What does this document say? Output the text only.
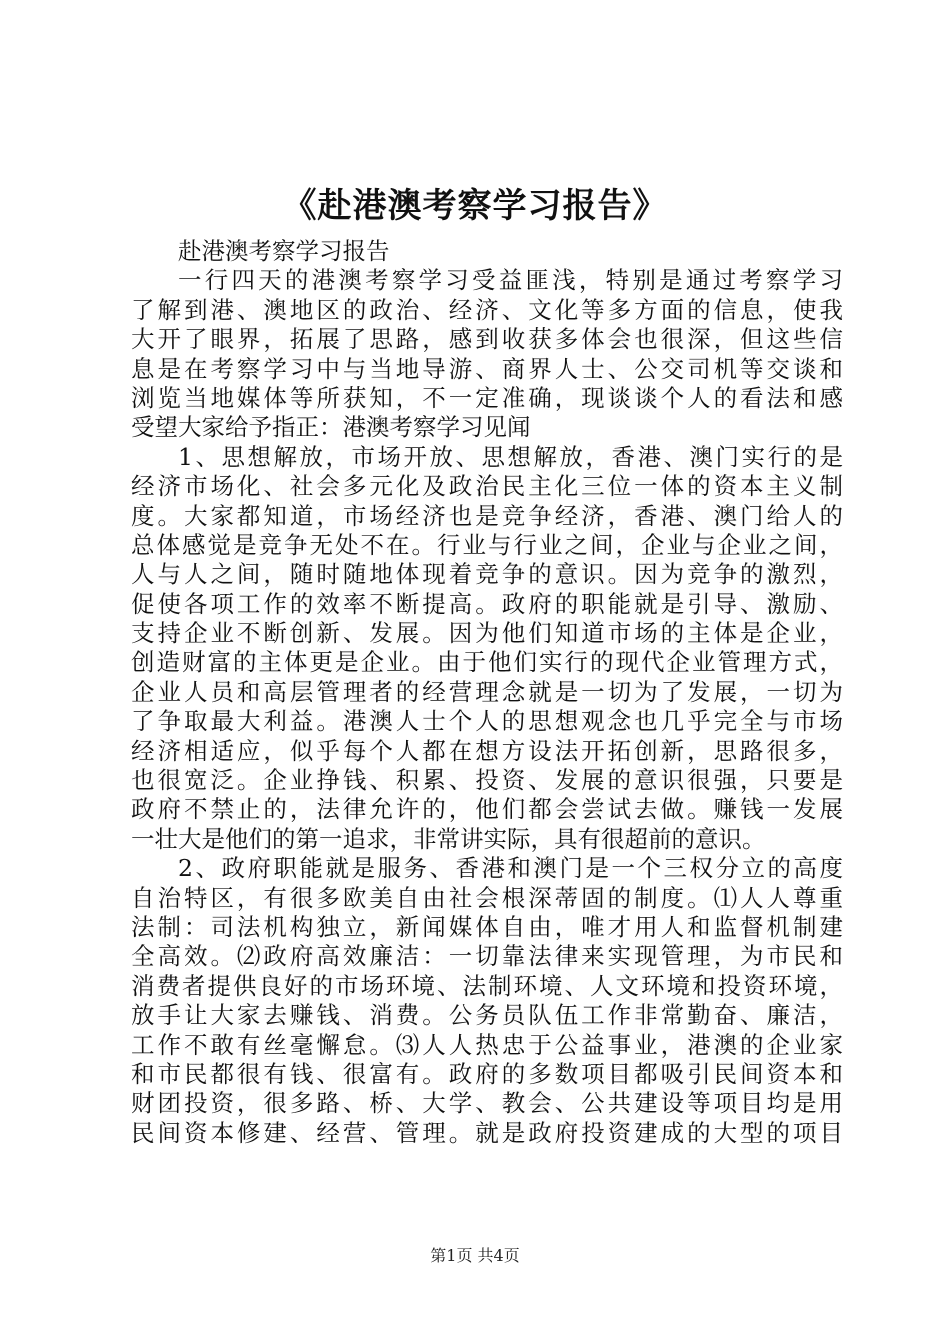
《赴港澳考察学习报告》
赴港澳考察学习报告
一行四天的港澳考察学习受益匪浅，特别是通过考察学习
了解到港、澳地区的政治、经济、文化等多方面的信息，使我
大开了眼界，拓展了思路，感到收获多体会也很深，但这些信
息是在考察学习中与当地导游、商界人士、公交司机等交谈和
浏览当地媒体等所获知，不一定准确，现谈谈个人的看法和感
受望大家给予指正：港澳考察学习见闻
1、思想解放，市场开放、思想解放，香港、澳门实行的是
经济市场化、社会多元化及政治民主化三位一体的资本主义制
度。大家都知道，市场经济也是竞争经济，香港、澳门给人的
总体感觉是竞争无处不在。行业与行业之间，企业与企业之间，
人与人之间，随时随地体现着竞争的意识。因为竞争的激烈，
促使各项工作的效率不断提高。政府的职能就是引导、激励、
支持企业不断创新、发展。因为他们知道市场的主体是企业，
创造财富的主体更是企业。由于他们实行的现代企业管理方式，
企业人员和高层管理者的经营理念就是一切为了发展，一切为
了争取最大利益。港澳人士个人的思想观念也几乎完全与市场
经济相适应，似乎每个人都在想方设法开拓创新，思路很多，
也很宽泛。企业挣钱、积累、投资、发展的意识很强，只要是
政府不禁止的，法律允许的，他们都会尝试去做。赚钱一发展
一壮大是他们的第一追求，非常讲实际，具有很超前的意识。
2、政府职能就是服务、香港和澳门是一个三权分立的高度
自治特区，有很多欧美自由社会根深蒂固的制度。⑴人人尊重
法制：司法机构独立，新闻媒体自由，唯才用人和监督机制建
全高效。⑵政府高效廉洁：一切靠法律来实现管理，为市民和
消费者提供良好的市场环境、法制环境、人文环境和投资环境，
放手让大家去赚钱、消费。公务员队伍工作非常勤奋、廉洁，
工作不敢有丝毫懈怠。⑶人人热忠于公益事业，港澳的企业家
和市民都很有钱、很富有。政府的多数项目都吸引民间资本和
财团投资，很多路、桥、大学、教会、公共建设等项目均是用
民间资本修建、经营、管理。就是政府投资建成的大型的项目
第1页 共4页
